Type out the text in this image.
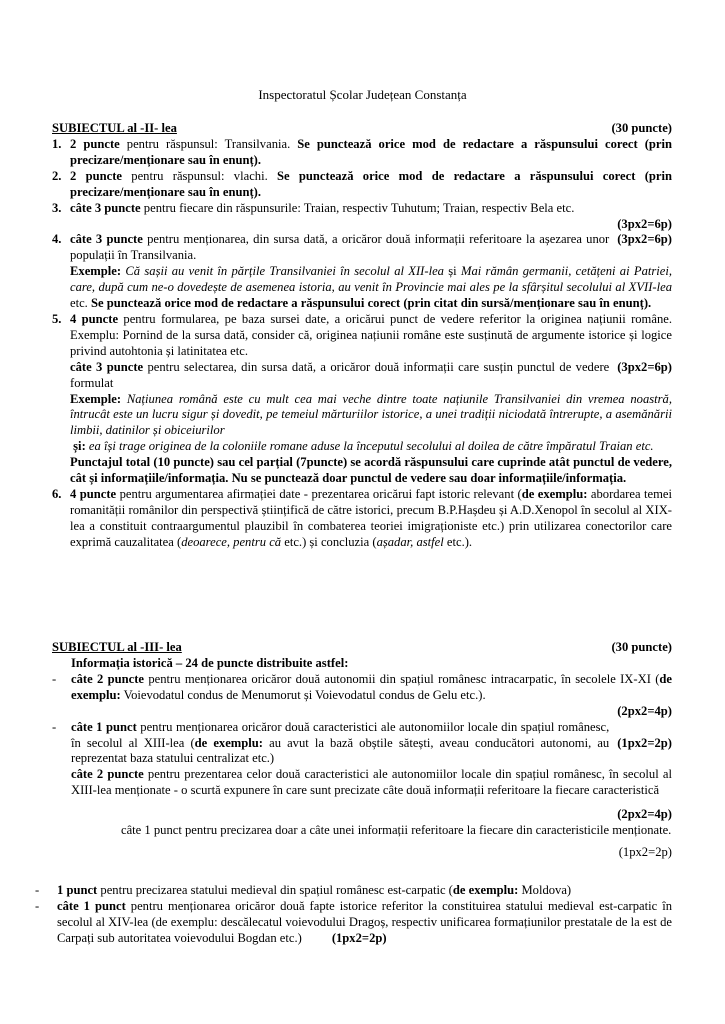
Inspectoratul Școlar Județean Constanța
SUBIECTUL al -II- lea	(30 puncte)
1. 2 puncte pentru răspunsul: Transilvania. Se punctează orice mod de redactare a răspunsului corect (prin precizare/menționare sau în enunț).

2. 2 puncte pentru răspunsul: vlachi. Se punctează orice mod de redactare a răspunsului corect (prin precizare/menționare sau în enunț).

3. câte 3 puncte pentru fiecare din răspunsurile: Traian, respectiv Tuhutum; Traian, respectiv Bela etc.

(3px2=6p)

4.	(3px2=6p)
câte 3 puncte pentru menționarea, din sursa dată, a oricăror două informații referitoare la așezarea unor populații în Transilvania.

Exemple: Că sașii au venit în părțile Transilvaniei în secolul al XII-lea și Mai rămân germanii, cetățeni ai Patriei, care, după cum ne-o dovedește de asemenea istoria, au venit în Provincie mai ales pe la sfârșitul secolului al XVII-lea etc. Se punctează orice mod de redactare a răspunsului corect (prin citat din sursă/menționare sau în enunț).

5. 4 puncte pentru formularea, pe baza sursei date, a oricărui punct de vedere referitor la originea națiunii române. Exemplu: Pornind de la sursa dată, consider că, originea națiunii române este susținută de argumente istorice și logice privind autohtonia și latinitatea etc.

(3px2=6p)
câte 3 puncte pentru selectarea, din sursa dată, a oricăror două informații care susțin punctul de vedere formulat

Exemple: Națiunea română este cu mult cea mai veche dintre toate națiunile Transilvaniei din vremea noastră, întrucât este un lucru sigur și dovedit, pe temeiul mărturiilor istorice, a unei tradiții niciodată întrerupte, a asemănării limbii, datinilor și obiceiurilor

și: ea își trage originea de la coloniile romane aduse la începutul secolului al doilea de către împăratul Traian etc.

Punctajul total (10 puncte) sau cel parțial (7puncte) se acordă răspunsului care cuprinde atât punctul de vedere, cât și informațiile/informația. Nu se punctează doar punctul de vedere sau doar informațiile/informația.

6. 4 puncte pentru argumentarea afirmației date - prezentarea oricărui fapt istoric relevant (de exemplu: abordarea temei romanității românilor din perspectivă științifică de către istorici, precum B.P.Hașdeu și A.D.Xenopol în secolul al XIX-lea a constituit contraargumentul plauzibil în combaterea teoriei imigraționiste etc.) prin utilizarea conectorilor care exprimă cauzalitatea (deoarece, pentru că etc.) și concluzia (așadar, astfel etc.).

SUBIECTUL al -III- lea	(30 puncte)

Informația istorică – 24 de puncte distribuite astfel:

- câte 2 puncte pentru menționarea oricăror două autonomii din spațiul românesc intracarpatic, în secolele IX-XI (de exemplu: Voievodatul condus de Menumorut și Voievodatul condus de Gelu etc.).

(2px2=4p)

-

(1px2=2p)
câte 1 punct pentru menționarea oricăror două caracteristici ale autonomiilor locale din spațiul românesc, în secolul al XIII-lea (de exemplu: au avut la bază obștile sătești, aveau conducători autonomi, au reprezentat baza statului centralizat etc.)

câte 2 puncte pentru prezentarea celor două caracteristici ale autonomiilor locale din spațiul românesc, în secolul al XIII-lea menționate - o scurtă expunere în care sunt precizate câte două informații referitoare la fiecare caracteristică

(2px2=4p)

câte 1 punct pentru precizarea doar a câte unei informații referitoare la fiecare din caracteristicile menționate.

(1px2=2p)

- 1 punct pentru precizarea statului medieval din spațiul românesc est-carpatic (de exemplu: Moldova)

- câte 1 punct pentru menționarea oricăror două fapte istorice referitor la constituirea statului medieval est-carpatic în secolul al XIV-lea (de exemplu: descălecatul voievodului Dragoș, respectiv unificarea formațiunilor prestatale de la est de Carpați sub autoritatea voievodului Bogdan etc.) (1px2=2p)
